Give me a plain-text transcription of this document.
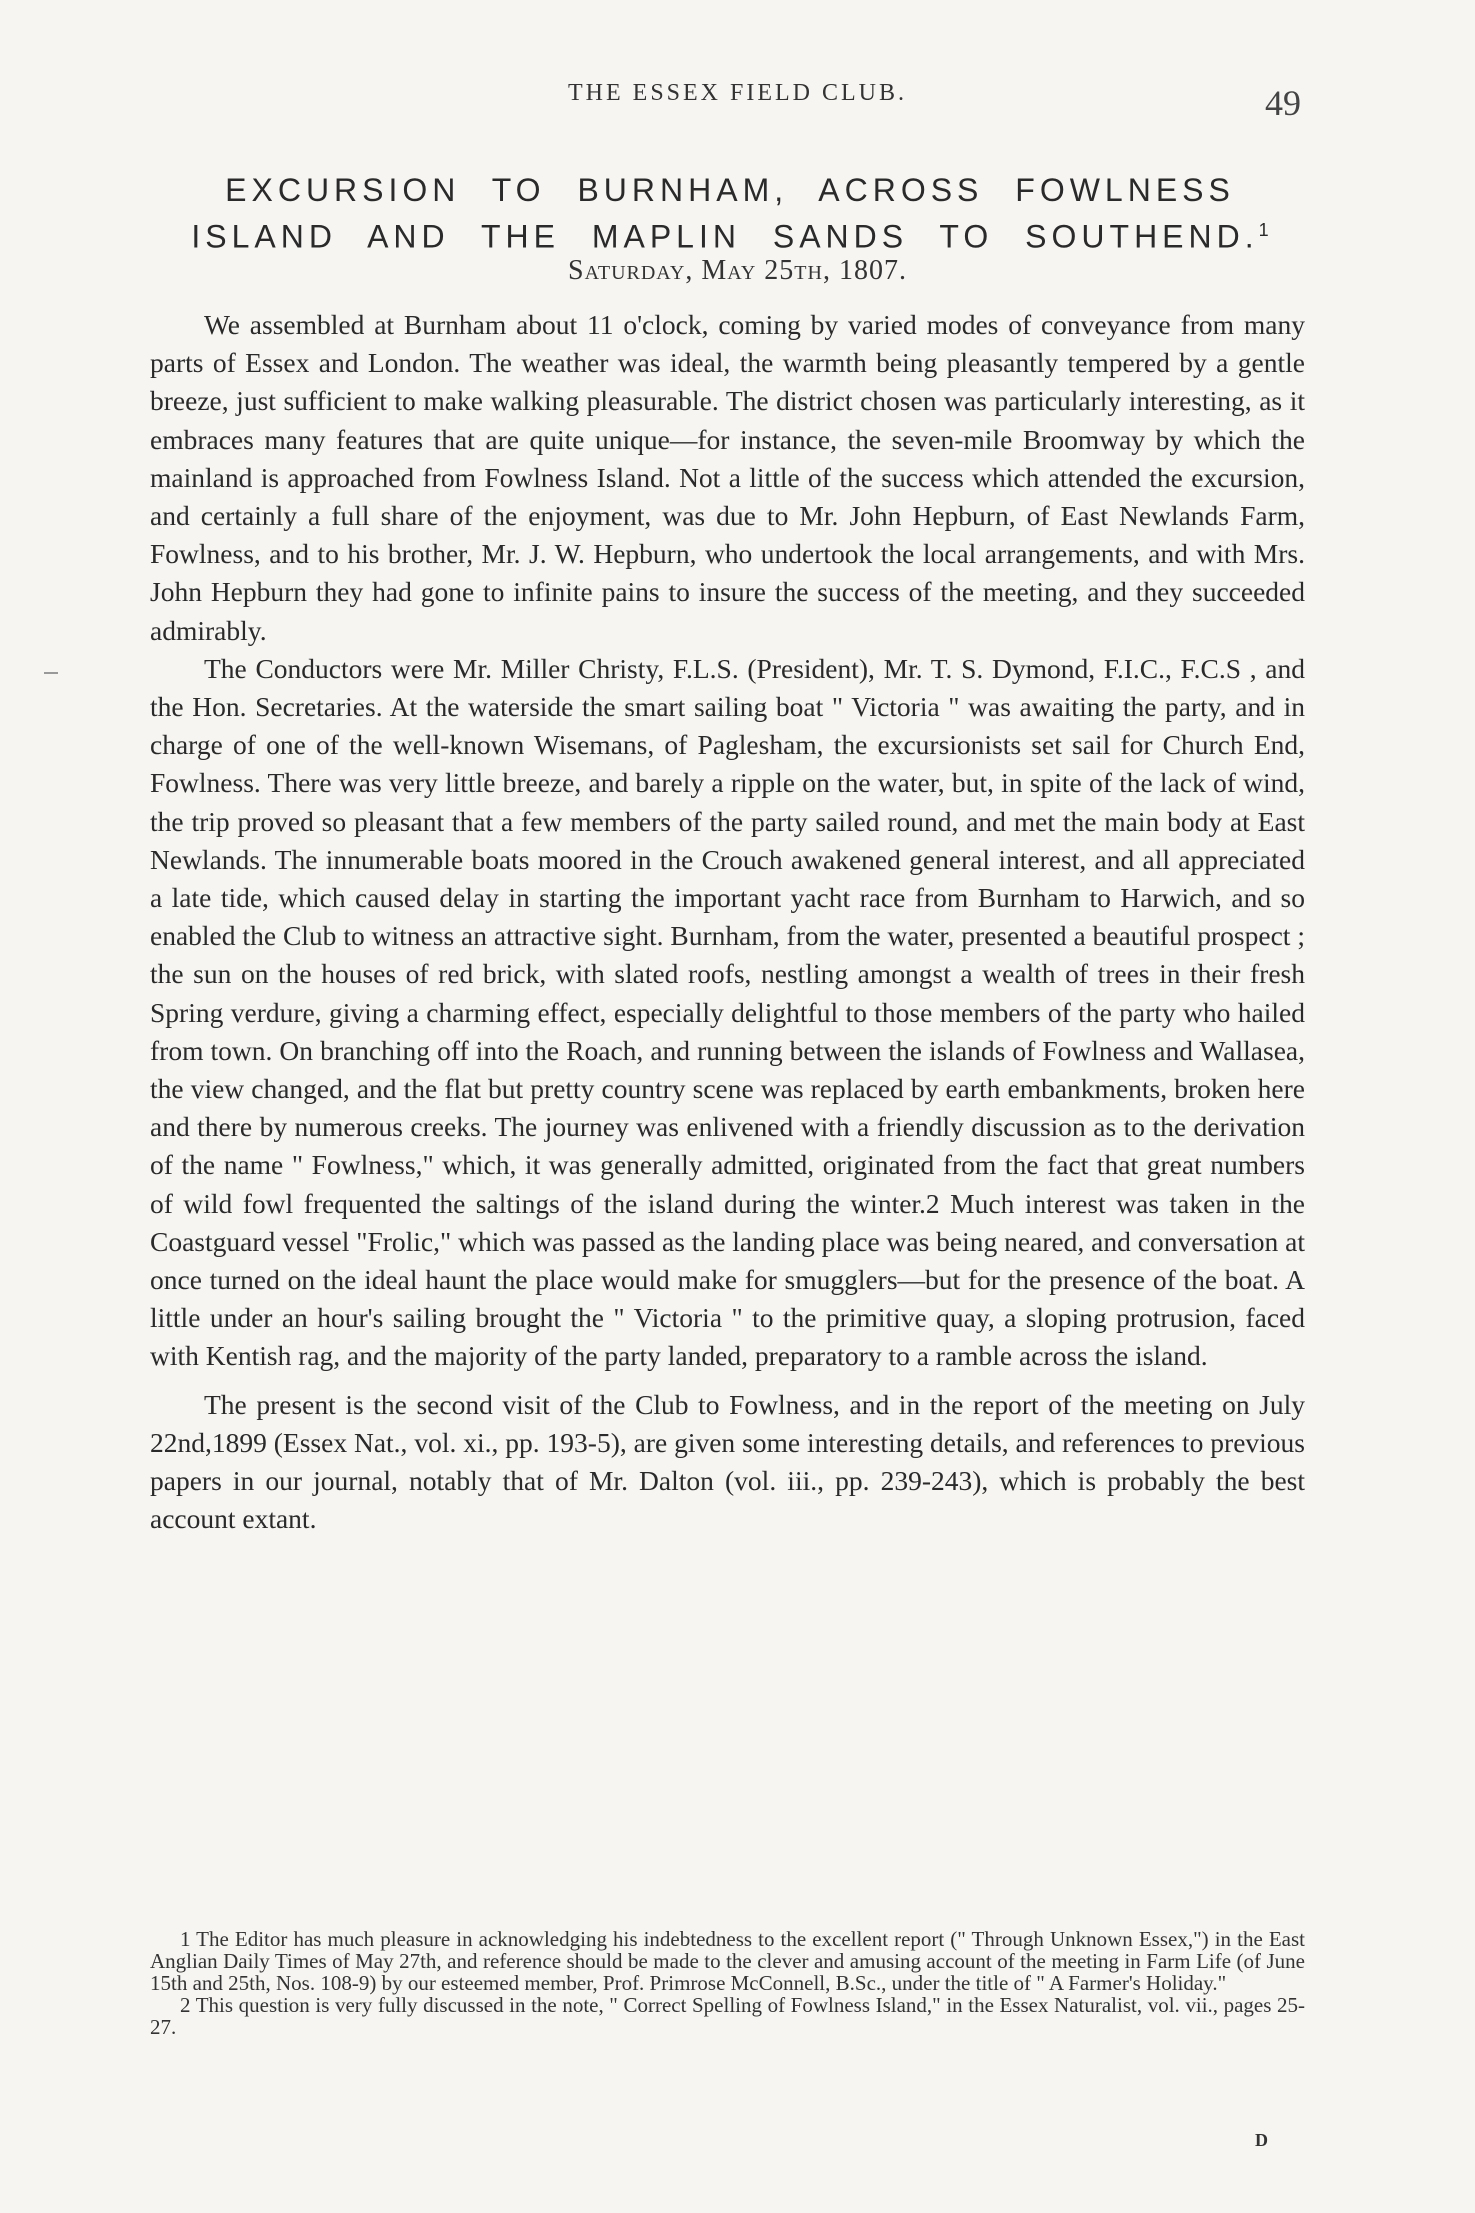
THE ESSEX FIELD CLUB.	49
EXCURSION TO BURNHAM, ACROSS FOWLNESS ISLAND AND THE MAPLIN SANDS TO SOUTHEND.$^1$
Saturday, May 25th, 1807.

We assembled at Burnham about 11 o'clock, coming by varied modes of conveyance from many parts of Essex and London. The weather was ideal, the warmth being pleasantly tempered by a gentle breeze, just sufficient to make walking pleasurable. The district chosen was particularly interesting, as it embraces many features that are quite unique—for instance, the seven-mile Broomway by which the mainland is approached from Fowlness Island. Not a little of the success which attended the excursion, and certainly a full share of the enjoyment, was due to Mr. John Hepburn, of East Newlands Farm, Fowlness, and to his brother, Mr. J. W. Hepburn, who undertook the local arrangements, and with Mrs. John Hepburn they had gone to infinite pains to insure the success of the meeting, and they succeeded admirably.

The Conductors were Mr. Miller Christy, F.L.S. (President), Mr. T. S. Dymond, F.I.C., F.C.S , and the Hon. Secretaries. At the waterside the smart sailing boat " Victoria " was awaiting the party, and in charge of one of the well-known Wisemans, of Paglesham, the excursionists set sail for Church End, Fowlness. There was very little breeze, and barely a ripple on the water, but, in spite of the lack of wind, the trip proved so pleasant that a few members of the party sailed round, and met the main body at East Newlands. The innumerable boats moored in the Crouch awakened general interest, and all appreciated a late tide, which caused delay in starting the important yacht race from Burnham to Harwich, and so enabled the Club to witness an attractive sight. Burnham, from the water, presented a beautiful prospect ; the sun on the houses of red brick, with slated roofs, nestling amongst a wealth of trees in their fresh Spring verdure, giving a charming effect, especially delightful to those members of the party who hailed from town. On branching off into the Roach, and running between the islands of Fowlness and Wallasea, the view changed, and the flat but pretty country scene was replaced by earth embankments, broken here and there by numerous creeks. The journey was enlivened with a friendly discussion as to the derivation of the name " Fowlness," which, it was generally admitted, originated from the fact that great numbers of wild fowl frequented the saltings of the island during the winter.2 Much interest was taken in the Coastguard vessel "Frolic," which was passed as the landing place was being neared, and conversation at once turned on the ideal haunt the place would make for smugglers—but for the presence of the boat. A little under an hour's sailing brought the " Victoria " to the primitive quay, a sloping protrusion, faced with Kentish rag, and the majority of the party landed, preparatory to a ramble across the island.

The present is the second visit of the Club to Fowlness, and in the report of the meeting on July 22nd,1899 (Essex Nat., vol. xi., pp. 193-5), are given some interesting details, and references to previous papers in our journal, notably that of Mr. Dalton (vol. iii., pp. 239-243), which is probably the best account extant.

1 The Editor has much pleasure in acknowledging his indebtedness to the excellent report (" Through Unknown Essex,") in the East Anglian Daily Times of May 27th, and reference should be made to the clever and amusing account of the meeting in Farm Life (of June 15th and 25th, Nos. 108-9) by our esteemed member, Prof. Primrose McConnell, B.Sc., under the title of " A Farmer's Holiday."

2 This question is very fully discussed in the note, " Correct Spelling of Fowlness Island," in the Essex Naturalist, vol. vii., pages 25-27.

D
